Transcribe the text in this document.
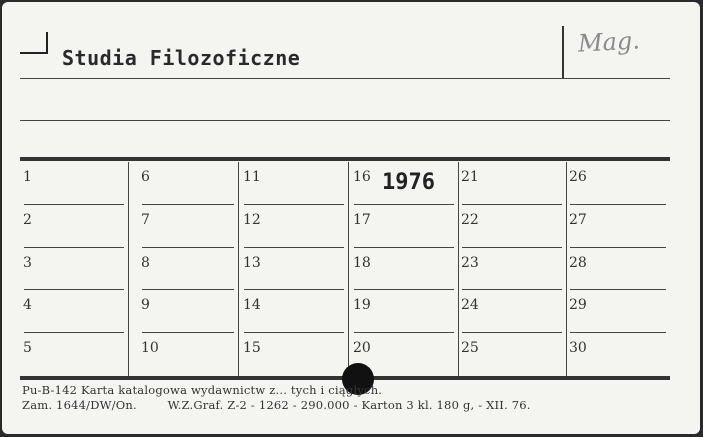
Studia Filozoficzne
Mag.
1
2
3
4
5
6
7
8
9
10
11
12
13
14
15
16
17
18
19
20
21
22
23
24
25
26
27
28
29
30
1976
Pu-B-142 Karta katalogowa wydawnictw z... tych i ciągłych.
Zam. 1644/DW/On.        W.Z.Graf. Z-2 - 1262 - 290.000 - Karton 3 kl. 180 g, - XII. 76.
